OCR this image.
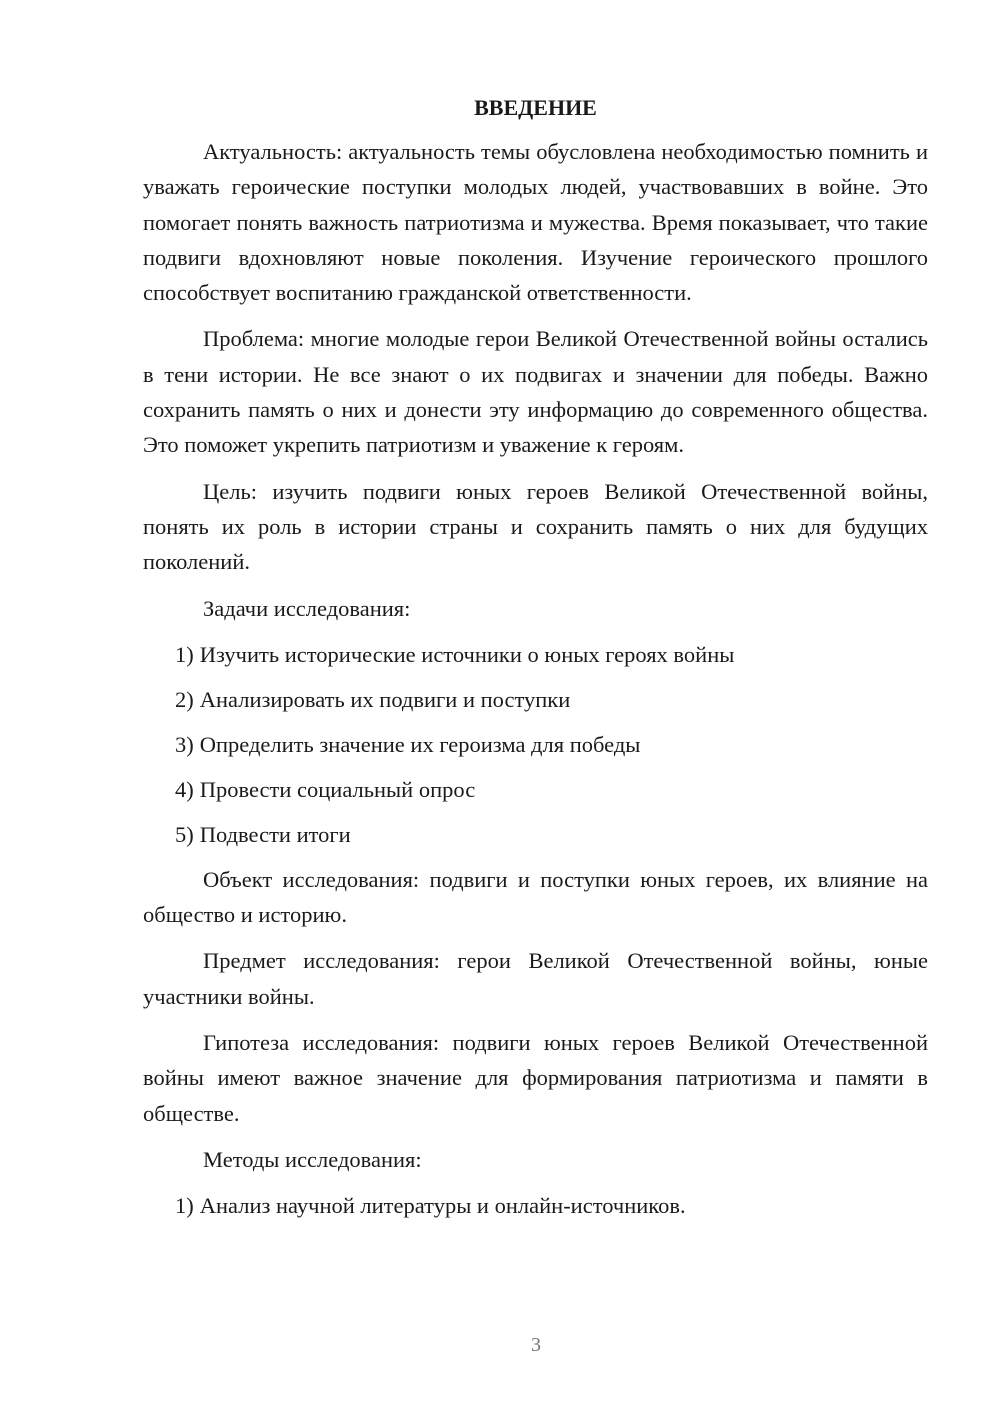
ВВЕДЕНИЕ

Актуальность: актуальность темы обусловлена необходимостью помнить и уважать героические поступки молодых людей, участвовавших в войне. Это помогает понять важность патриотизма и мужества. Время показывает, что такие подвиги вдохновляют новые поколения. Изучение героического прошлого способствует воспитанию гражданской ответственности.

Проблема: многие молодые герои Великой Отечественной войны остались в тени истории. Не все знают о их подвигах и значении для победы. Важно сохранить память о них и донести эту информацию до современного общества. Это поможет укрепить патриотизм и уважение к героям.

Цель: изучить подвиги юных героев Великой Отечественной войны, понять их роль в истории страны и сохранить память о них для будущих поколений.

Задачи исследования:

1) Изучить исторические источники о юных героях войны
2) Анализировать их подвиги и поступки
3) Определить значение их героизма для победы
4) Провести социальный опрос
5) Подвести итоги

Объект исследования: подвиги и поступки юных героев, их влияние на общество и историю.

Предмет исследования: герои Великой Отечественной войны, юные участники войны.

Гипотеза исследования: подвиги юных героев Великой Отечественной войны имеют важное значение для формирования патриотизма и памяти в обществе.

Методы исследования:

1) Анализ научной литературы и онлайн-источников.
3
